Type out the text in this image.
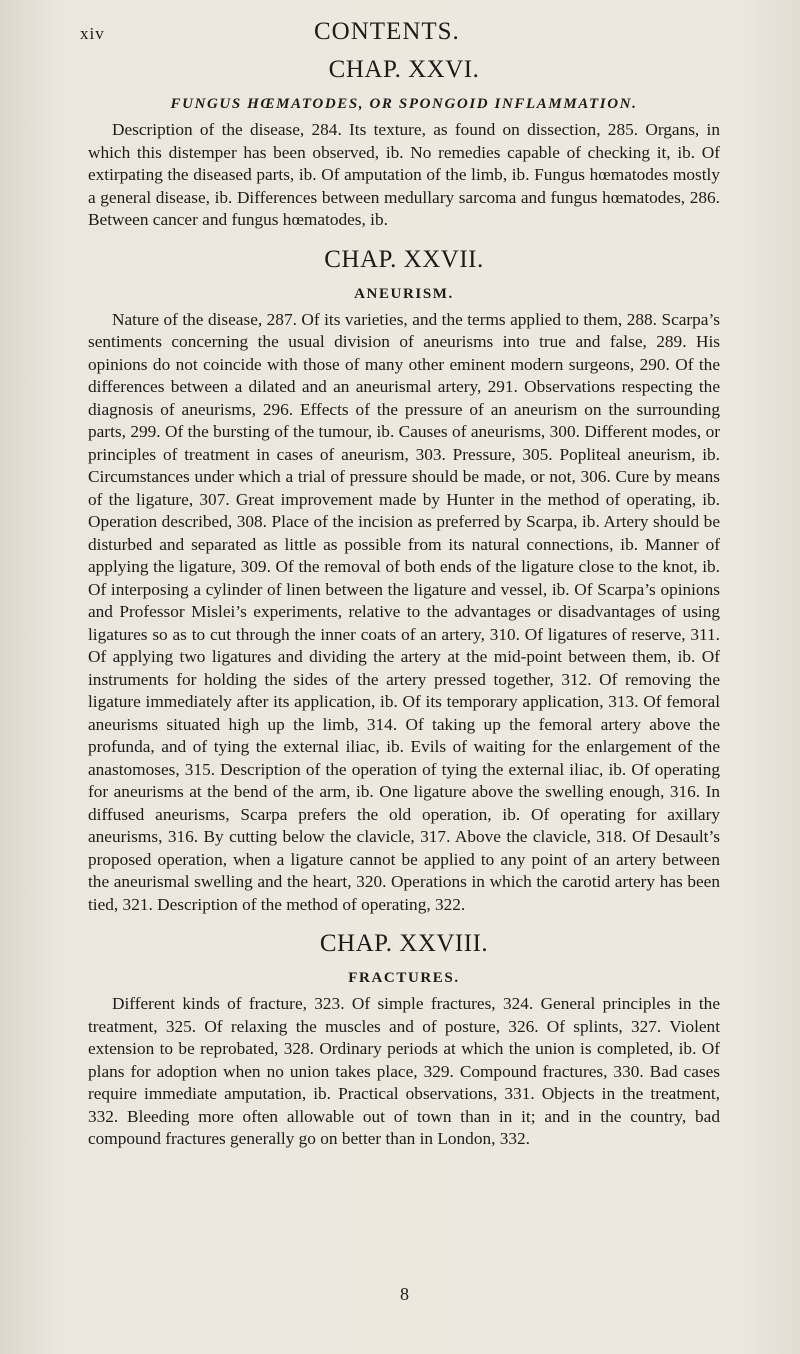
xiv	CONTENTS.
CHAP. XXVI.
FUNGUS HŒMATODES, OR SPONGOID INFLAMMATION.

Description of the disease, 284. Its texture, as found on dissection, 285. Organs, in which this distemper has been observed, ib. No remedies capable of checking it, ib. Of extirpating the diseased parts, ib. Of amputation of the limb, ib. Fungus hœmatodes mostly a general disease, ib. Differences between medullary sarcoma and fungus hœmatodes, 286. Between cancer and fungus hœmatodes, ib.

CHAP. XXVII.
ANEURISM.

Nature of the disease, 287. Of its varieties, and the terms applied to them, 288. Scarpa’s sentiments concerning the usual division of aneurisms into true and false, 289. His opinions do not coincide with those of many other eminent modern surgeons, 290. Of the differences between a dilated and an aneurismal artery, 291. Observations respecting the diagnosis of aneurisms, 296. Effects of the pressure of an aneurism on the surrounding parts, 299. Of the bursting of the tumour, ib. Causes of aneurisms, 300. Different modes, or principles of treatment in cases of aneurism, 303. Pressure, 305. Popliteal aneurism, ib. Circumstances under which a trial of pressure should be made, or not, 306. Cure by means of the ligature, 307. Great improvement made by Hunter in the method of operating, ib. Operation described, 308. Place of the incision as preferred by Scarpa, ib. Artery should be disturbed and separated as little as possible from its natural connections, ib. Manner of applying the ligature, 309. Of the removal of both ends of the ligature close to the knot, ib. Of interposing a cylinder of linen between the ligature and vessel, ib. Of Scarpa’s opinions and Professor Mislei’s experiments, relative to the advantages or disadvantages of using ligatures so as to cut through the inner coats of an artery, 310. Of ligatures of reserve, 311. Of applying two ligatures and dividing the artery at the mid-point between them, ib. Of instruments for holding the sides of the artery pressed together, 312. Of removing the ligature immediately after its application, ib. Of its temporary application, 313. Of femoral aneurisms situated high up the limb, 314. Of taking up the femoral artery above the profunda, and of tying the external iliac, ib. Evils of waiting for the enlargement of the anastomoses, 315. Description of the operation of tying the external iliac, ib. Of operating for aneurisms at the bend of the arm, ib. One ligature above the swelling enough, 316. In diffused aneurisms, Scarpa prefers the old operation, ib. Of operating for axillary aneurisms, 316. By cutting below the clavicle, 317. Above the clavicle, 318. Of Desault’s proposed operation, when a ligature cannot be applied to any point of an artery between the aneurismal swelling and the heart, 320. Operations in which the carotid artery has been tied, 321. Description of the method of operating, 322.

CHAP. XXVIII.
FRACTURES.

Different kinds of fracture, 323. Of simple fractures, 324. General principles in the treatment, 325. Of relaxing the muscles and of posture, 326. Of splints, 327. Violent extension to be reprobated, 328. Ordinary periods at which the union is completed, ib. Of plans for adoption when no union takes place, 329. Compound fractures, 330. Bad cases require immediate amputation, ib. Practical observations, 331. Objects in the treatment, 332. Bleeding more often allowable out of town than in it; and in the country, bad compound fractures generally go on better than in London, 332.

8
